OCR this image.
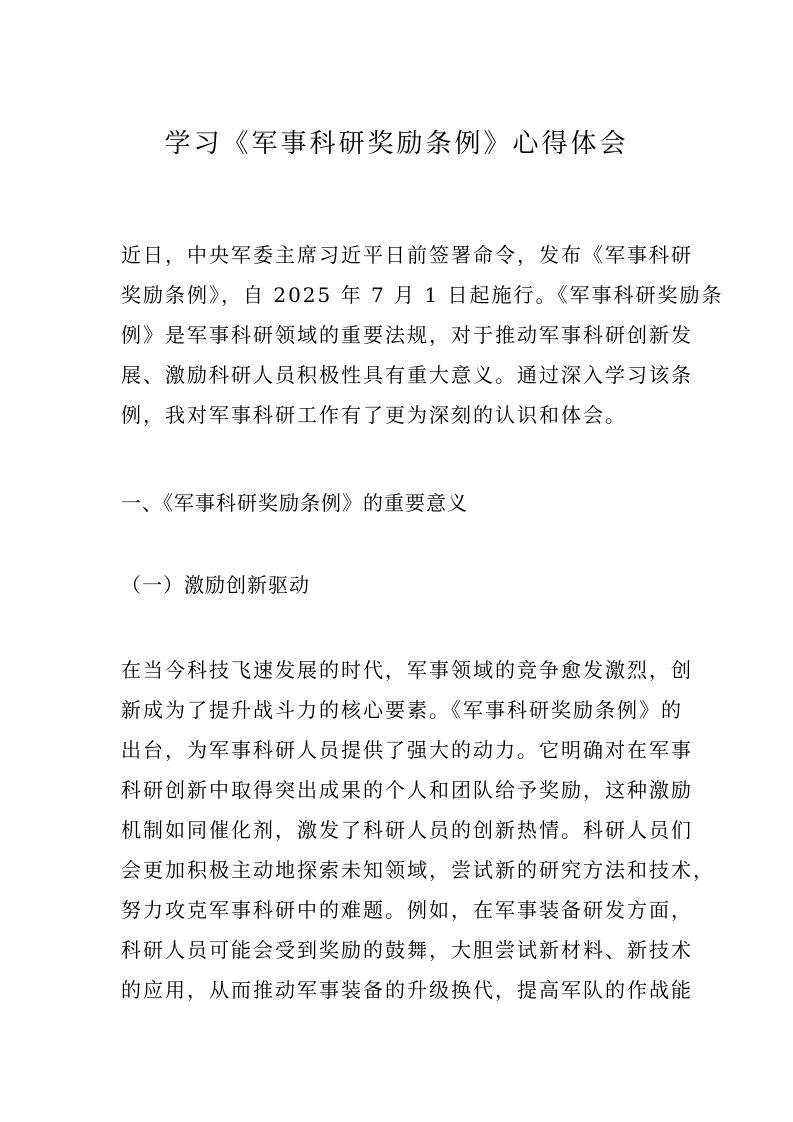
学习《军事科研奖励条例》心得体会
近日，中央军委主席习近平日前签署命令，发布《军事科研
奖励条例》，自 2025 年 7 月 1 日起施行。《军事科研奖励条
例》是军事科研领域的重要法规，对于推动军事科研创新发
展、激励科研人员积极性具有重大意义。通过深入学习该条
例，我对军事科研工作有了更为深刻的认识和体会。
一、《军事科研奖励条例》的重要意义
（一）激励创新驱动
在当今科技飞速发展的时代，军事领域的竞争愈发激烈，创
新成为了提升战斗力的核心要素。《军事科研奖励条例》的
出台，为军事科研人员提供了强大的动力。它明确对在军事
科研创新中取得突出成果的个人和团队给予奖励，这种激励
机制如同催化剂，激发了科研人员的创新热情。科研人员们
会更加积极主动地探索未知领域，尝试新的研究方法和技术，
努力攻克军事科研中的难题。例如，在军事装备研发方面，
科研人员可能会受到奖励的鼓舞，大胆尝试新材料、新技术
的应用，从而推动军事装备的升级换代，提高军队的作战能
